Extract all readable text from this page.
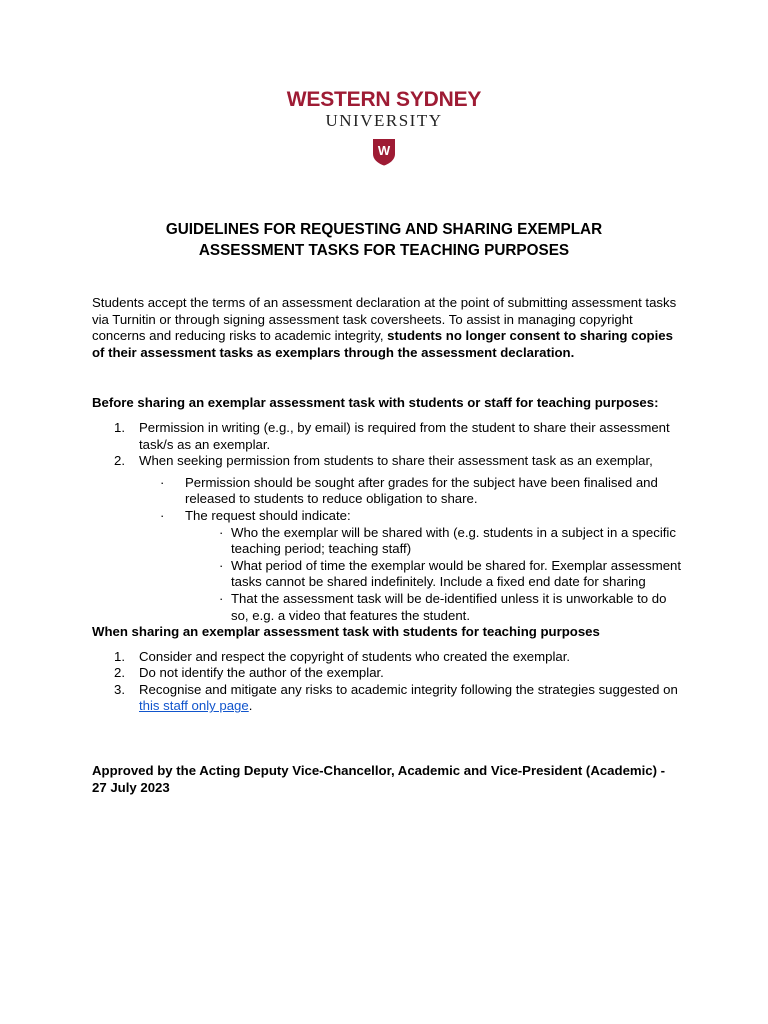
WESTERN SYDNEY
UNIVERSITY
W
GUIDELINES FOR REQUESTING AND SHARING EXEMPLAR
ASSESSMENT TASKS FOR TEACHING PURPOSES

Students accept the terms of an assessment declaration at the point of submitting assessment tasks via Turnitin or through signing assessment task coversheets. To assist in managing copyright concerns and reducing risks to academic integrity, students no longer consent to sharing copies of their assessment tasks as exemplars through the assessment declaration.

Before sharing an exemplar assessment task with students or staff for teaching purposes:

1. Permission in writing (e.g., by email) is required from the student to share their assessment task/s as an exemplar.
2. When seeking permission from students to share their assessment task as an exemplar,
· Permission should be sought after grades for the subject have been finalised and released to students to reduce obligation to share.
· The request should indicate:
· Who the exemplar will be shared with (e.g. students in a subject in a specific teaching period; teaching staff)
· What period of time the exemplar would be shared for. Exemplar assessment tasks cannot be shared indefinitely. Include a fixed end date for sharing
· That the assessment task will be de-identified unless it is unworkable to do so, e.g. a video that features the student.

When sharing an exemplar assessment task with students for teaching purposes

1. Consider and respect the copyright of students who created the exemplar.
2. Do not identify the author of the exemplar.
3. Recognise and mitigate any risks to academic integrity following the strategies suggested on this staff only page.

Approved by the Acting Deputy Vice-Chancellor, Academic and Vice-President (Academic) - 27 July 2023
